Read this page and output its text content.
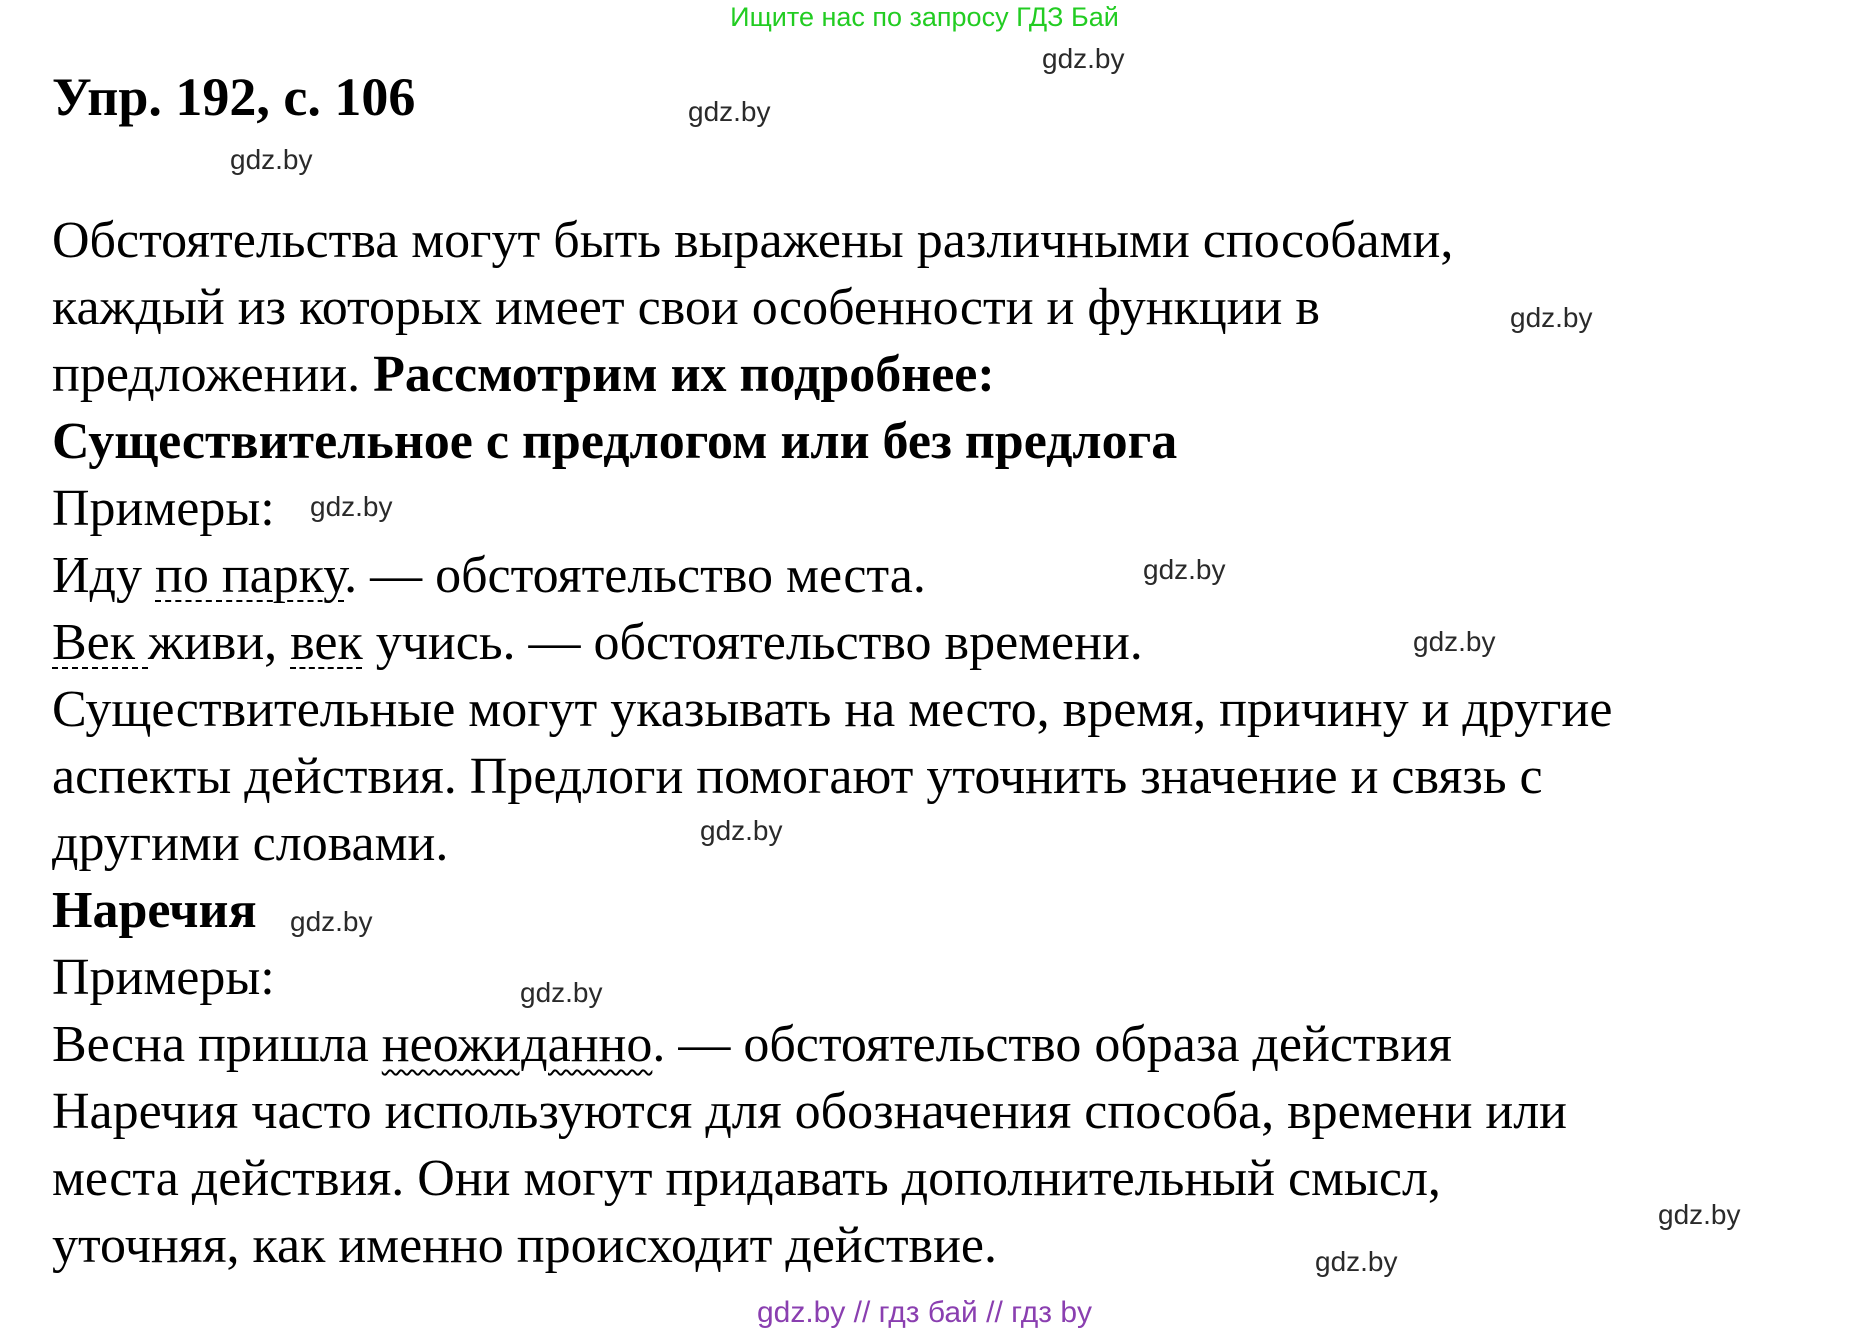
Ищите нас по запросу ГДЗ Бай
Упр. 192, с. 106
Обстоятельства могут быть выражены различными способами,
каждый из которых имеет свои особенности и функции в
предложении. Рассмотрим их подробнее:
Существительное с предлогом или без предлога
Примеры:
Иду по парку. — обстоятельство места.
Век живи, век учись. — обстоятельство времени.
Существительные могут указывать на место, время, причину и другие
аспекты действия. Предлоги помогают уточнить значение и связь с
другими словами.
Наречия
Примеры:
Весна пришла неожиданно. — обстоятельство образа действия
Наречия часто используются для обозначения способа, времени или
места действия. Они могут придавать дополнительный смысл,
уточняя, как именно происходит действие.
gdz.by
gdz.by
gdz.by
gdz.by
gdz.by
gdz.by
gdz.by
gdz.by
gdz.by
gdz.by
gdz.by
gdz.by
gdz.by // гдз бай // гдз by
